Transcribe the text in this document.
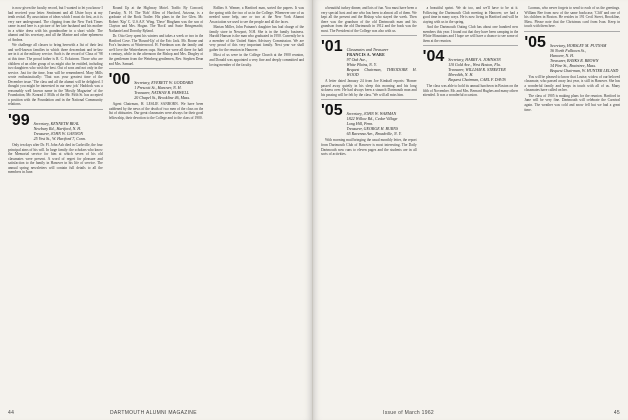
is now given the faculty record, but I wanted to let you know I had received your letter. Sentiment and all Ulster boys at my tenth recital. By association of ideas which I must do first, as it is very rare underground. The clipping from the New York Times came in and here is a picture of her late husband and his mother in a white dress with his grandmother in a short while. The alumni and his secretary, and all the Marine and other ephemera of Andrea.

We challenge all classes to bring herewith a list of their last and well-known families in which three descendant and in-law are in it at the military service. Such is the record of Class of '98 at this time. The proud father is R. C. Eckstrom. Those who are children of an older group of us might also be entitled, including two daughters who wish the best. Out of sons and not only in the service. Just for the time, Ivan will be remembered. Mary Mills wrote enthusiastically: 'That was your greatest time of the December issue.' The class and all the alumni will be delighted. I thought you might be interested in our new job.' Haddock was a reasonably well known name in the 'Mostly Magazine' of the Foundation, Mr. Konrad J. Mills of the Mr. Fifth St. has accepted a position with the Foundation and in the National Community relations.

'99 Secretary, KENNETH BEAL
Newbury Rd., Hartford, N. H.
Treasurer, JOHN W. GANNON
25 Vest St., W. Hartford 7, Conn.

Only ten days after Dr. Fl. John Ash died in Carlsville, the four principal aims of his will. In large family: the scholars who know the Memorial service for him at which seven of his old classmates were present. A word of regret for pleasure and satisfaction to the family in Hanover in his life of service. The annual spring newsletters will contain full details to all the members in June.

Round Up at the Highway Motel. Traffic By Concord, Tuesday, N. H. The 'Rob' Allen of Hartford, Arizona, is a graduate of the Rock Trailer. His plans in the Joe Glen. Mr. Robert 'Kip' C. U.S.A.F. Wing. 'Dave' Bingham was the son of Clayton and Mrs. Hogan. The 'Rock' and Susie Bringenacht; Nathaniel and Dorothy Ryland.

Dr. Otto Grey spent his winters and takes a week or two in the Hartford Cove. The 'Round-Up' of the Eric Jack. Mr. Boone and Fox's business at Winterwood. H. Friedman was the family and we'd love the Winterhaven cups. Since we were all there for half a century, while in the afternoon the Bishop and Mrs. Dingley of the gentlemen from the Weinberg gentlemen, Rev. Stephen Dean and Mrs. Samuel.

'00 Secretary, EVERETT W. GODDARD
1 Prescott St., Hanover, N. H.
Treasurer, NATHAN B. FARWELL
20 Chapel St., Brookline 46, Mass.

Agent Chairman, H. LESLIE SANBORN. We have been saddened by the news of the death of two men of the class on the list of obituaries. Our great classmates were always for their good fellowship, their devotion to the College and to the class of 1900.

Rollins S. Wamer, a Hartford man, sorted the papers. It was the spring with the two of us in the College. Whenever one of us needed some help, one or two at the New York Alumni Association we used to see the people and all the faces.

Marian Miller, John Putnam's daughter has had charge of the family store in Newport, N.H. She is in the family business. Harold Hanson is the man who graduated in 1950. Currently he is a member of the United States Advisory Commission. We are very proud of this very important family. Next year we shall gather for the reunion in Hanover.

Most of us were in the College Church at the 1900 reunion, and Donald was appointed a very fine and deeply committed and loving member of the faculty.

44	DARTMOUTH ALUMNI MAGAZINE

a beautiful turkey dinner, and lots of fun. You must have been a very special host and one who has been to almost all of them. We kept all the present and the Bishop who stayed the week. Then there was the grandson of the old Dartmouth man and his grandson from the old Dartmouth in 1912 and the book was the most. The President of the College was also with us.

'01 Classmates and Treasurer
FRANCIS A. WARE
97 Oak Ave.,
White Plains, N. Y.
Bequest Chairman, THEODORE H. WOOD

A letter dated January 24 from Joe Kimball reports: 'Homer passed away quietly in his sleep this morning and his long sickness over. He had always been a staunch Dartmouth man and his passing will be felt by the class.' We will all miss him.

'05 Secretary, JOHN W. WARMAN
1822 Willow Rd., Cedar Village
Long Hill, Penn.
Treasurer, GEORGE H. BURNS
65 Ravenna Ave., Broadville, N. Y.

With morning mail bringing the usual monthly letter, the report from Dartmouth Club of Hanover is most interesting. The Daily Dartmouth now runs to eleven pages and the students are in all sorts of activities.

a beautiful sprint. We do too, and we'll have to be at it. Following the Dartmouth Club meeting in Hanover, we had a good time in many ways. He is now living in Hartford and will be staying with us in the spring.

And the Dartmouth Outing Club has about one hundred new members this year. I found out that they have been camping in the White Mountains and I hope we will have a chance to see some of them at the reunion.

'04 Secretary, HARRY A. JOHNSON
110 Gold Ave., West Boston, Fla.
Treasurer, WILLIAM R. STREETER
Meredith, N. H.
Bequest Chairman, CARL F. DAVIS

The class was able to hold its annual luncheon in Boston on the fifth of November. Mr. and Mrs. Bernard Hughes and many others attended. It was a wonderful occasion.

Loomas, who never forgets to send to each of us the greetings. William Bee from now of the same bookcase, 'Cliff' and one of his children in Boston. He resides in 191 Cecil Street, Brookline, Mass. Please note that the Christmas card from Ivan. Keep in touch with them here.

'05 Secretary, HORSLEY M. PUTNAM
36 North Fulltown St.,
Hanover, N. H.
Treasurer, BANKS R. BROWN
34 Pine St., Braintree, Mass.
Bequest Chairman, W. HUNTER LELAND

You will be pleased to know that Louise, widow of our beloved classmate, who passed away last year, is still in Hanover. She has a wonderful family and keeps in touch with all of us. Many classmates have called on her.

The class of 1905 is making plans for the reunion. Hartford in June will be very fine. Dartmouth will celebrate the Carnival again. The weather was cold and snow fell but we had a great time.

Issue of March 1962	45
